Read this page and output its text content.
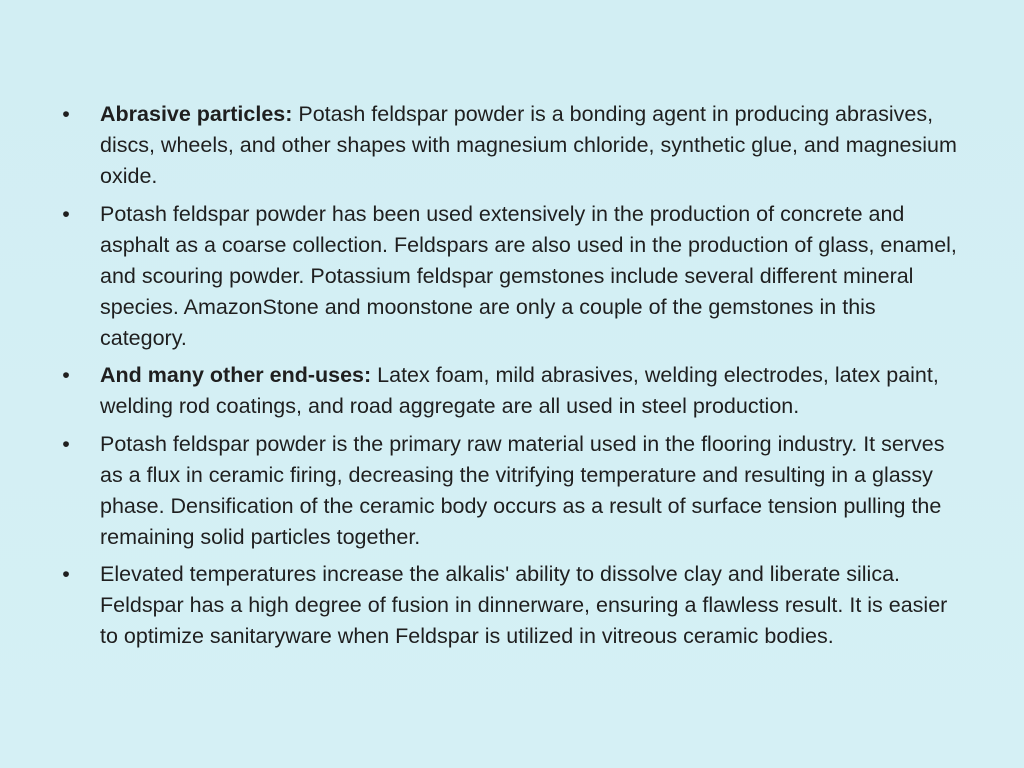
• Abrasive particles: Potash feldspar powder is a bonding agent in producing abrasives, discs, wheels, and other shapes with magnesium chloride, synthetic glue, and magnesium oxide.
• Potash feldspar powder has been used extensively in the production of concrete and asphalt as a coarse collection. Feldspars are also used in the production of glass, enamel, and scouring powder. Potassium feldspar gemstones include several different mineral species. AmazonStone and moonstone are only a couple of the gemstones in this category.
• And many other end-uses: Latex foam, mild abrasives, welding electrodes, latex paint, welding rod coatings, and road aggregate are all used in steel production.
• Potash feldspar powder is the primary raw material used in the flooring industry. It serves as a flux in ceramic firing, decreasing the vitrifying temperature and resulting in a glassy phase. Densification of the ceramic body occurs as a result of surface tension pulling the remaining solid particles together.
• Elevated temperatures increase the alkalis' ability to dissolve clay and liberate silica. Feldspar has a high degree of fusion in dinnerware, ensuring a flawless result. It is easier to optimize sanitaryware when Feldspar is utilized in vitreous ceramic bodies.
